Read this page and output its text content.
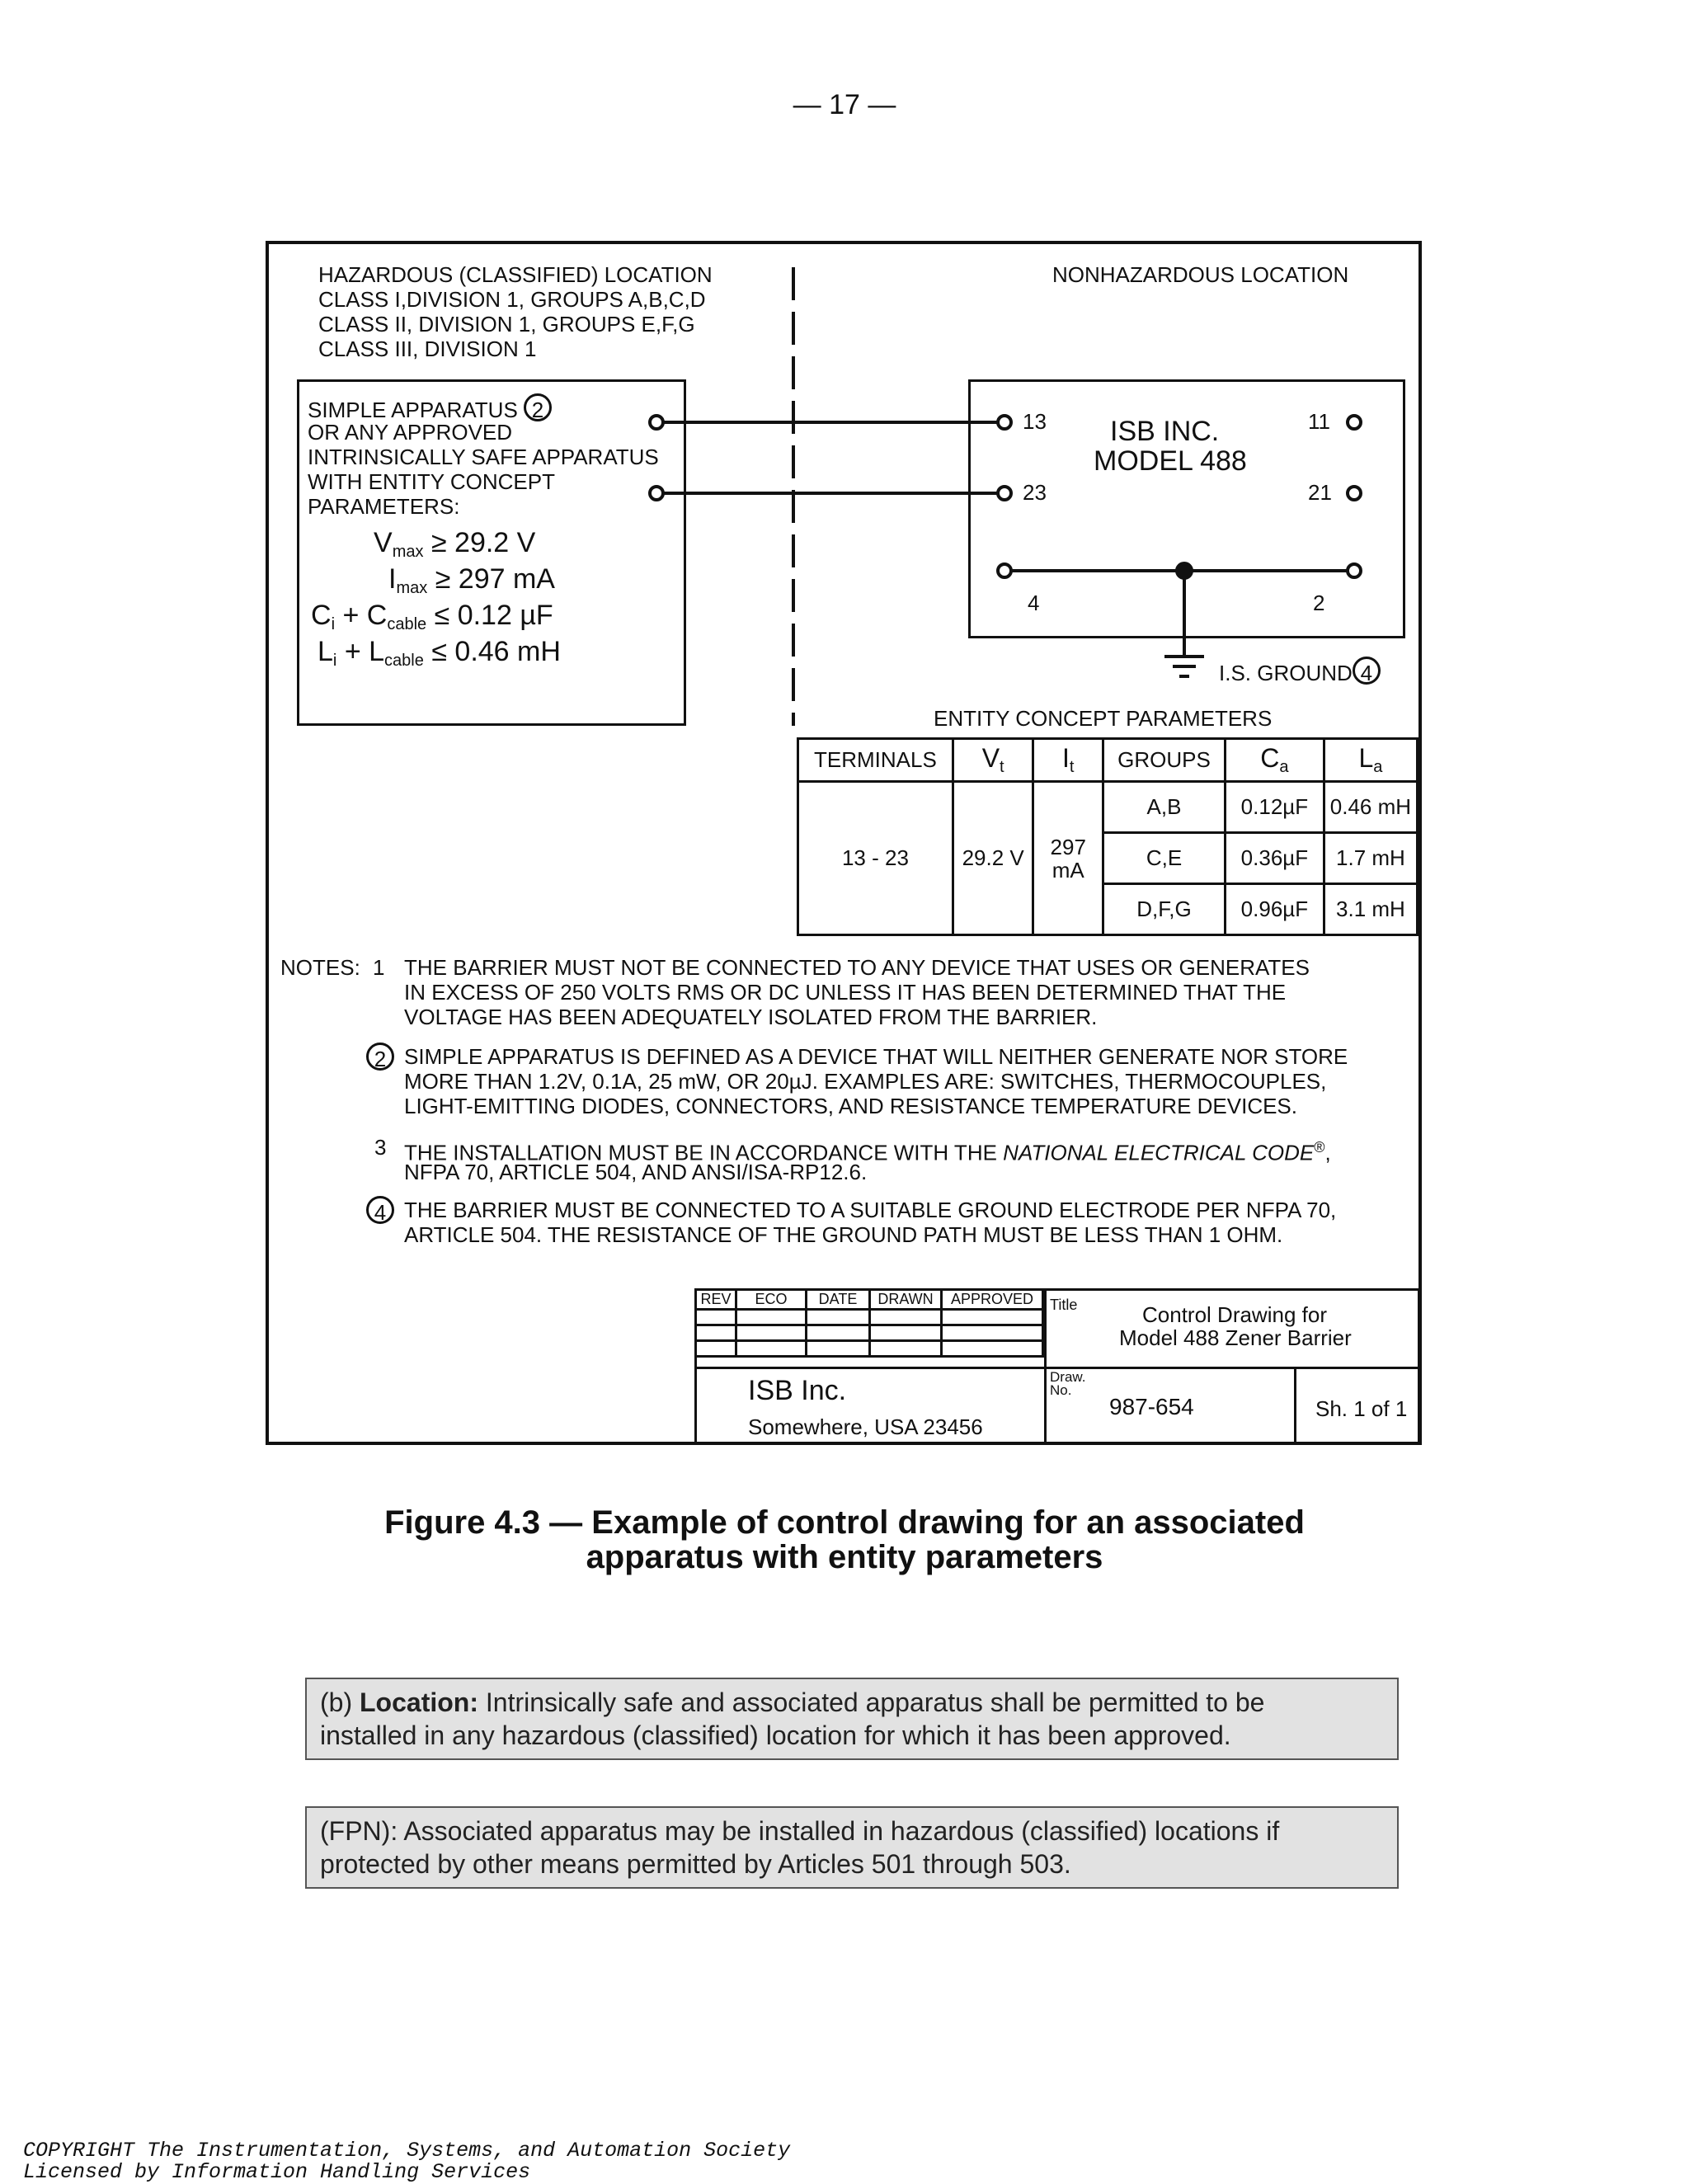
— 17 —
HAZARDOUS (CLASSIFIED) LOCATION
CLASS I,DIVISION 1, GROUPS A,B,C,D
CLASS II, DIVISION 1, GROUPS E,F,G
CLASS III, DIVISION 1
NONHAZARDOUS LOCATION
SIMPLE APPARATUS 2
OR ANY APPROVED
INTRINSICALLY SAFE APPARATUS
WITH ENTITY CONCEPT
PARAMETERS:
$V_{max} \ge 29.2$ V
$I_{max} \ge 297$ mA
$C_i + C_{cable} \le 0.12$ µF
$L_i + L_{cable} \le 0.46$ mH
13
23
11
21
4	2
ISB INC.
MODEL 488
I.S. GROUND 4
ENTITY CONCEPT PARAMETERS
TERMINALS	$V_t$	$I_t$	GROUPS	$C_a$	$L_a$
13 - 23	29.2 V	297 mA	A,B	0.12µF	0.46 mH
			C,E	0.36µF	1.7 mH
			D,F,G	0.96µF	3.1 mH
NOTES: 1 THE BARRIER MUST NOT BE CONNECTED TO ANY DEVICE THAT USES OR GENERATES
IN EXCESS OF 250 VOLTS RMS OR DC UNLESS IT HAS BEEN DETERMINED THAT THE
VOLTAGE HAS BEEN ADEQUATELY ISOLATED FROM THE BARRIER.
2 SIMPLE APPARATUS IS DEFINED AS A DEVICE THAT WILL NEITHER GENERATE NOR STORE
MORE THAN 1.2V, 0.1A, 25 mW, OR 20µJ. EXAMPLES ARE: SWITCHES, THERMOCOUPLES,
LIGHT-EMITTING DIODES, CONNECTORS, AND RESISTANCE TEMPERATURE DEVICES.
3 THE INSTALLATION MUST BE IN ACCORDANCE WITH THE NATIONAL ELECTRICAL CODE®,
NFPA 70, ARTICLE 504, AND ANSI/ISA-RP12.6.
4 THE BARRIER MUST BE CONNECTED TO A SUITABLE GROUND ELECTRODE PER NFPA 70,
ARTICLE 504. THE RESISTANCE OF THE GROUND PATH MUST BE LESS THAN 1 OHM.
REV	ECO	DATE	DRAWN	APPROVED

				Title	Control Drawing for
Model 488 Zener Barrier
ISB Inc.
Somewhere, USA 23456
Draw.
No.
987-654	Sh. 1 of 1
Figure 4.3 — Example of control drawing for an associated
apparatus with entity parameters
(b) Location: Intrinsically safe and associated apparatus shall be permitted to be
installed in any hazardous (classified) location for which it has been approved.
(FPN): Associated apparatus may be installed in hazardous (classified) locations if
protected by other means permitted by Articles 501 through 503.
COPYRIGHT The Instrumentation, Systems, and Automation Society
Licensed by Information Handling Services
